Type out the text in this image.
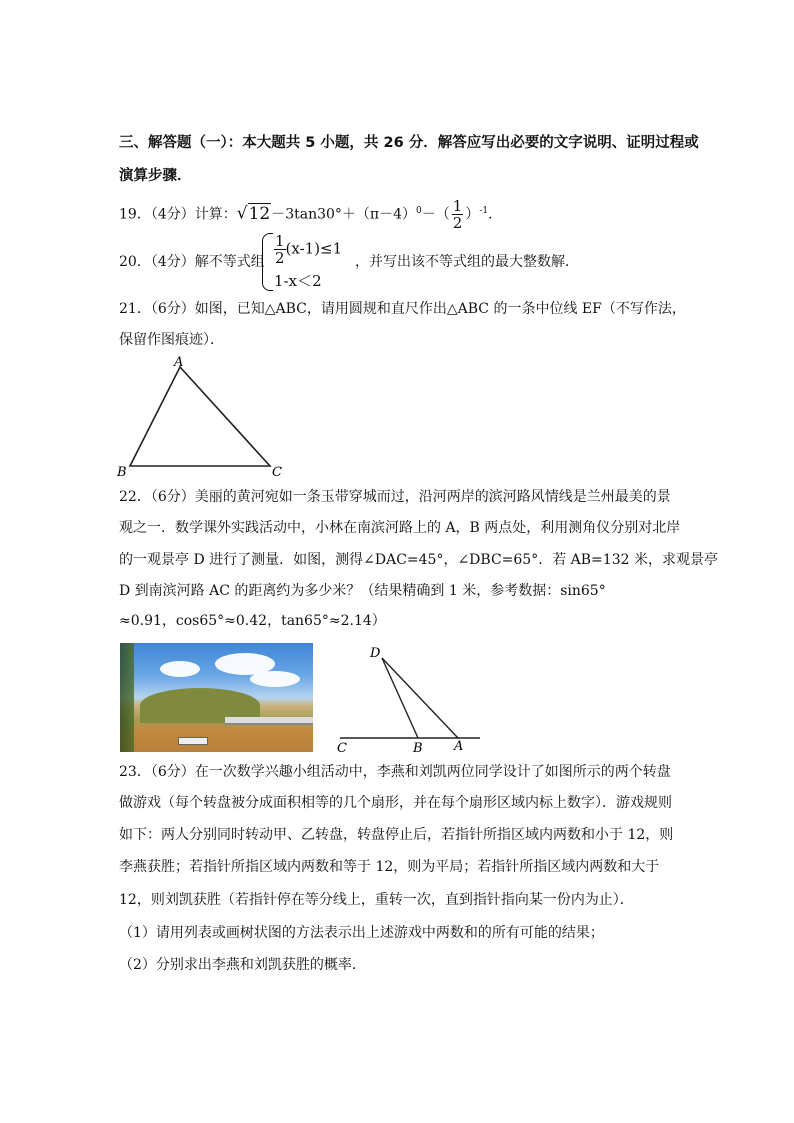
三、解答题（一）：本大题共 5 小题，共 26 分．解答应写出必要的文字说明、证明过程或
演算步骤．
19．（4分）计算：$√12-3\tan 30^\circ+(\pi-4)^0-( \frac{1}{2} )^{-1}$．
20．（4分）解不等式组 $\frac{1}{2} (x-1)\le 1$
1-x＜2
，并写出该不等式组的最大整数解．
21．（6分）如图，已知△ABC，请用圆规和直尺作出△ABC 的一条中位线 EF（不写作法，
保留作图痕迹）．
A
B	C
22．（6分）美丽的黄河宛如一条玉带穿城而过，沿河两岸的滨河路风情线是兰州最美的景
观之一．数学课外实践活动中，小林在南滨河路上的 A，B 两点处，利用测角仪分别对北岸
的一观景亭 D 进行了测量．如图，测得∠DAC=45°，∠DBC=65°．若 AB=132 米，求观景亭
D 到南滨河路 AC 的距离约为多少米？（结果精确到 1 米，参考数据：sin65°
≈0.91，cos65°≈0.42，tan65°≈2.14）
D
C	B A
23．（6分）在一次数学兴趣小组活动中，李燕和刘凯两位同学设计了如图所示的两个转盘
做游戏（每个转盘被分成面积相等的几个扇形，并在每个扇形区域内标上数字）．游戏规则
如下：两人分别同时转动甲、乙转盘，转盘停止后，若指针所指区域内两数和小于 12，则
李燕获胜；若指针所指区域内两数和等于 12，则为平局；若指针所指区域内两数和大于
12，则刘凯获胜（若指针停在等分线上，重转一次，直到指针指向某一份内为止）．
（1）请用列表或画树状图的方法表示出上述游戏中两数和的所有可能的结果；
（2）分别求出李燕和刘凯获胜的概率．
